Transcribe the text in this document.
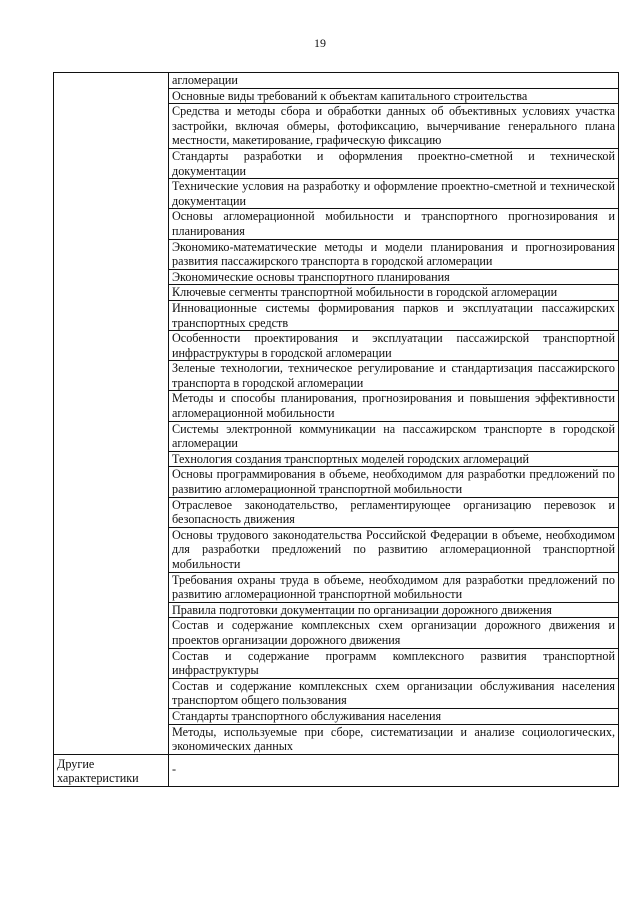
19
	агломерации
	Основные виды требований к объектам капитального строительства
	Средства и методы сбора и обработки данных об объективных условиях участка застройки, включая обмеры, фотофиксацию, вычерчивание генерального плана местности, макетирование, графическую фиксацию
	Стандарты разработки и оформления проектно-сметной и технической документации
	Технические условия на разработку и оформление проектно-сметной и технической документации
	Основы агломерационной мобильности и транспортного прогнозирования и планирования
	Экономико-математические методы и модели планирования и прогнозирования развития пассажирского транспорта в городской агломерации
	Экономические основы транспортного планирования
	Ключевые сегменты транспортной мобильности в городской агломерации
	Инновационные системы формирования парков и эксплуатации пассажирских транспортных средств
	Особенности проектирования и эксплуатации пассажирской транспортной инфраструктуры в городской агломерации
	Зеленые технологии, техническое регулирование и стандартизация пассажирского транспорта в городской агломерации
	Методы и способы планирования, прогнозирования и повышения эффективности агломерационной мобильности
	Системы электронной коммуникации на пассажирском транспорте в городской агломерации
	Технология создания транспортных моделей городских агломераций
	Основы программирования в объеме, необходимом для разработки предложений по развитию агломерационной транспортной мобильности
	Отраслевое законодательство, регламентирующее организацию перевозок и безопасность движения
	Основы трудового законодательства Российской Федерации в объеме, необходимом для разработки предложений по развитию агломерационной транспортной мобильности
	Требования охраны труда в объеме, необходимом для разработки предложений по развитию агломерационной транспортной мобильности
	Правила подготовки документации по организации дорожного движения
	Состав и содержание комплексных схем организации дорожного движения и проектов организации дорожного движения
	Состав и содержание программ комплексного развития транспортной инфраструктуры
	Состав и содержание комплексных схем организации обслуживания населения транспортом общего пользования
	Стандарты транспортного обслуживания населения
	Методы, используемые при сборе, систематизации и анализе социологических, экономических данных
Другие характеристики	-
